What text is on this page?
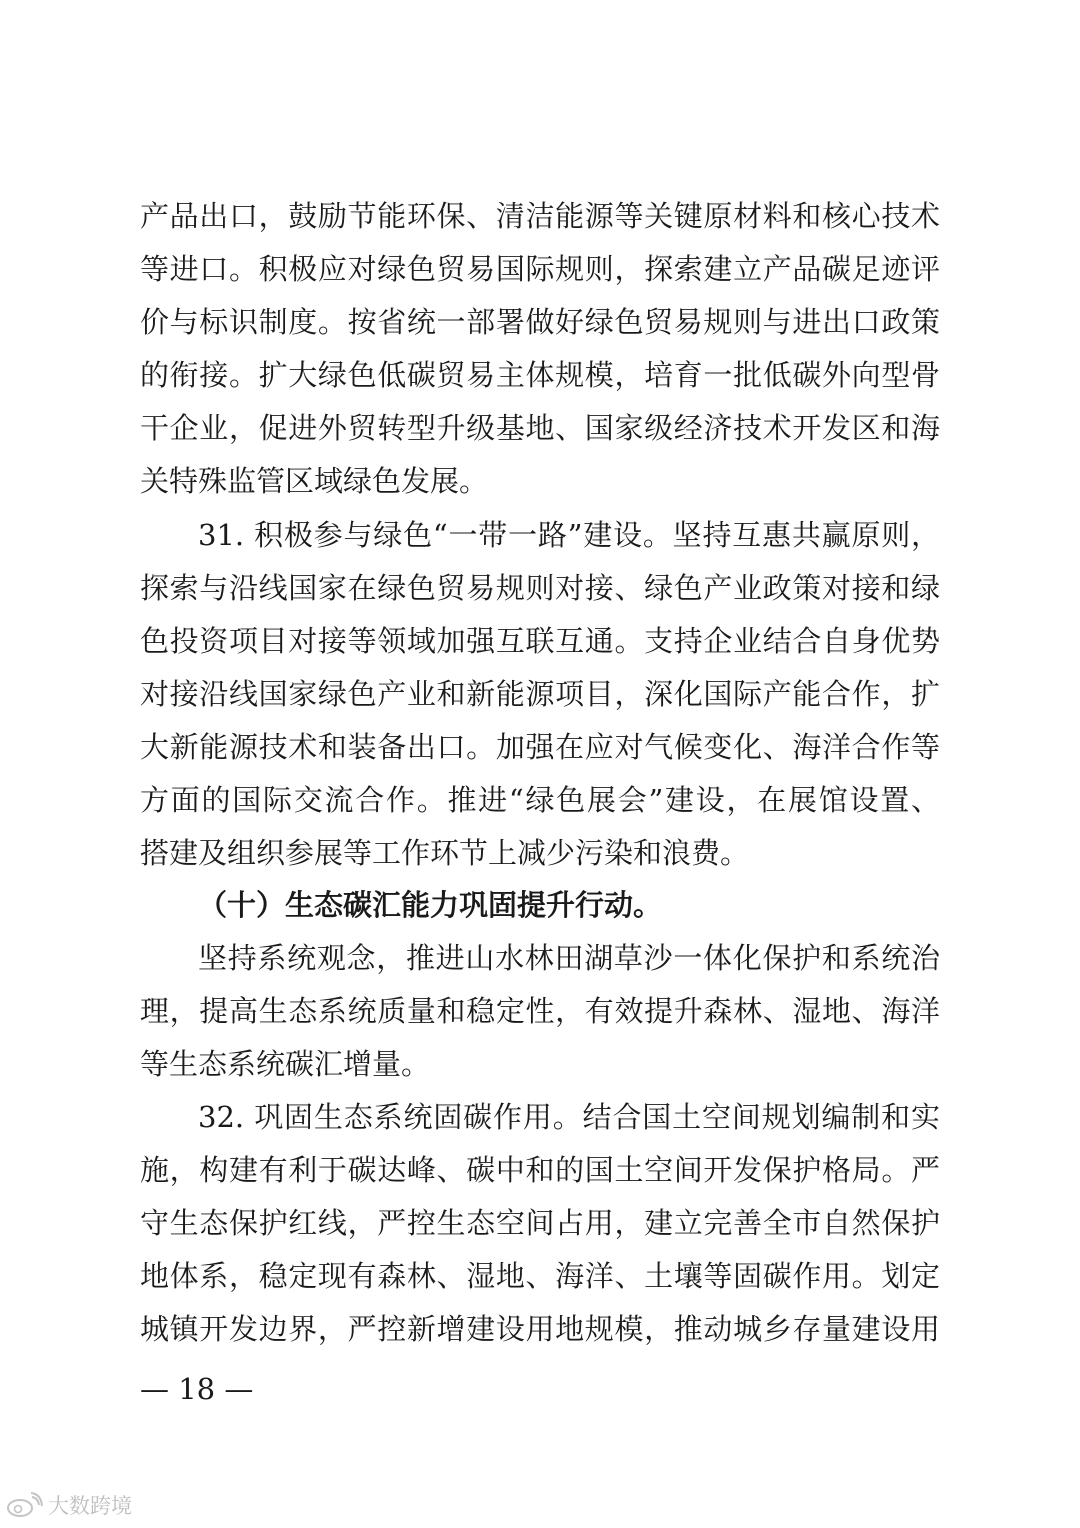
产品出口，鼓励节能环保、清洁能源等关键原材料和核心技术
等进口。积极应对绿色贸易国际规则，探索建立产品碳足迹评
价与标识制度。按省统一部署做好绿色贸易规则与进出口政策
的衔接。扩大绿色低碳贸易主体规模，培育一批低碳外向型骨
干企业，促进外贸转型升级基地、国家级经济技术开发区和海
关特殊监管区域绿色发展。
31. 积极参与绿色“一带一路”建设。坚持互惠共赢原则，
探索与沿线国家在绿色贸易规则对接、绿色产业政策对接和绿
色投资项目对接等领域加强互联互通。支持企业结合自身优势
对接沿线国家绿色产业和新能源项目，深化国际产能合作，扩
大新能源技术和装备出口。加强在应对气候变化、海洋合作等
方面的国际交流合作。推进“绿色展会”建设，在展馆设置、
搭建及组织参展等工作环节上减少污染和浪费。
（十）生态碳汇能力巩固提升行动。
坚持系统观念，推进山水林田湖草沙一体化保护和系统治
理，提高生态系统质量和稳定性，有效提升森林、湿地、海洋
等生态系统碳汇增量。
32. 巩固生态系统固碳作用。结合国土空间规划编制和实
施，构建有利于碳达峰、碳中和的国土空间开发保护格局。严
守生态保护红线，严控生态空间占用，建立完善全市自然保护
地体系，稳定现有森林、湿地、海洋、土壤等固碳作用。划定
城镇开发边界，严控新增建设用地规模，推动城乡存量建设用
— 18 —
大数跨境
